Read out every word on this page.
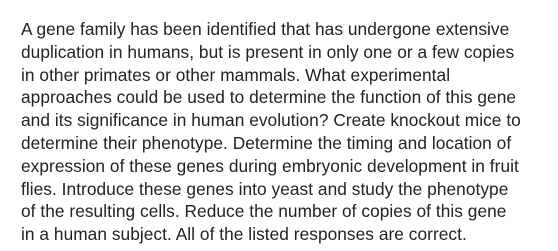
A gene family has been identified that has undergone extensive
duplication in humans, but is present in only one or a few copies
in other primates or other mammals. What experimental
approaches could be used to determine the function of this gene
and its significance in human evolution? Create knockout mice to
determine their phenotype. Determine the timing and location of
expression of these genes during embryonic development in fruit
flies. Introduce these genes into yeast and study the phenotype
of the resulting cells. Reduce the number of copies of this gene
in a human subject. All of the listed responses are correct.
